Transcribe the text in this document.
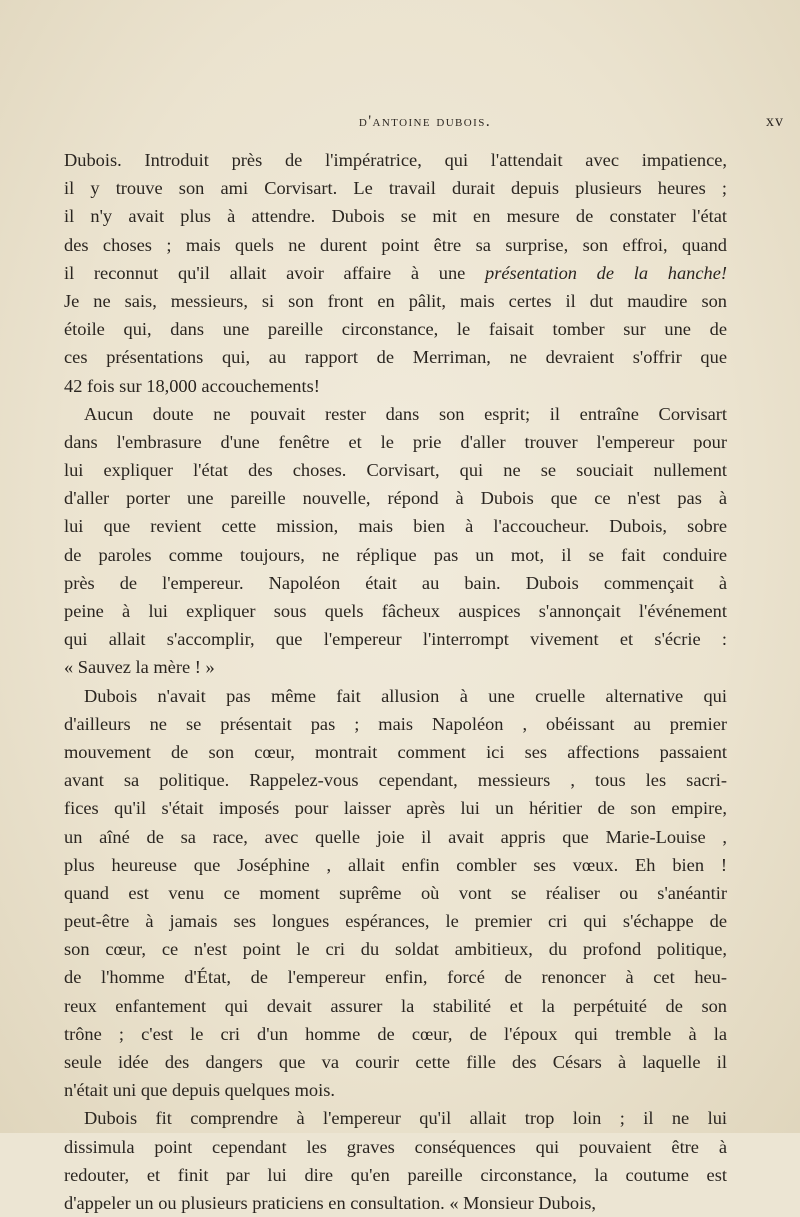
d'antoine dubois.	xv
Dubois. Introduit près de l'impératrice, qui l'attendait avec impatience,
il y trouve son ami Corvisart. Le travail durait depuis plusieurs heures ;
il n'y avait plus à attendre. Dubois se mit en mesure de constater l'état
des choses ; mais quels ne durent point être sa surprise, son effroi, quand
il reconnut qu'il allait avoir affaire à une présentation de la hanche!
Je ne sais, messieurs, si son front en pâlit, mais certes il dut maudire son
étoile qui, dans une pareille circonstance, le faisait tomber sur une de
ces présentations qui, au rapport de Merriman, ne devraient s'offrir que
42 fois sur 18,000 accouchements!
Aucun doute ne pouvait rester dans son esprit; il entraîne Corvisart
dans l'embrasure d'une fenêtre et le prie d'aller trouver l'empereur pour
lui expliquer l'état des choses. Corvisart, qui ne se souciait nullement
d'aller porter une pareille nouvelle, répond à Dubois que ce n'est pas à
lui que revient cette mission, mais bien à l'accoucheur. Dubois, sobre
de paroles comme toujours, ne réplique pas un mot, il se fait conduire
près de l'empereur. Napoléon était au bain. Dubois commençait à
peine à lui expliquer sous quels fâcheux auspices s'annonçait l'événement
qui allait s'accomplir, que l'empereur l'interrompt vivement et s'écrie :
« Sauvez la mère ! »
Dubois n'avait pas même fait allusion à une cruelle alternative qui
d'ailleurs ne se présentait pas ; mais Napoléon , obéissant au premier
mouvement de son cœur, montrait comment ici ses affections passaient
avant sa politique. Rappelez-vous cependant, messieurs , tous les sacri-
fices qu'il s'était imposés pour laisser après lui un héritier de son empire,
un aîné de sa race, avec quelle joie il avait appris que Marie-Louise ,
plus heureuse que Joséphine , allait enfin combler ses vœux. Eh bien !
quand est venu ce moment suprême où vont se réaliser ou s'anéantir
peut-être à jamais ses longues espérances, le premier cri qui s'échappe de
son cœur, ce n'est point le cri du soldat ambitieux, du profond politique,
de l'homme d'État, de l'empereur enfin, forcé de renoncer à cet heu-
reux enfantement qui devait assurer la stabilité et la perpétuité de son
trône ; c'est le cri d'un homme de cœur, de l'époux qui tremble à la
seule idée des dangers que va courir cette fille des Césars à laquelle il
n'était uni que depuis quelques mois.
Dubois fit comprendre à l'empereur qu'il allait trop loin ; il ne lui
dissimula point cependant les graves conséquences qui pouvaient être à
redouter, et finit par lui dire qu'en pareille circonstance, la coutume est
d'appeler un ou plusieurs praticiens en consultation. « Monsieur Dubois,
